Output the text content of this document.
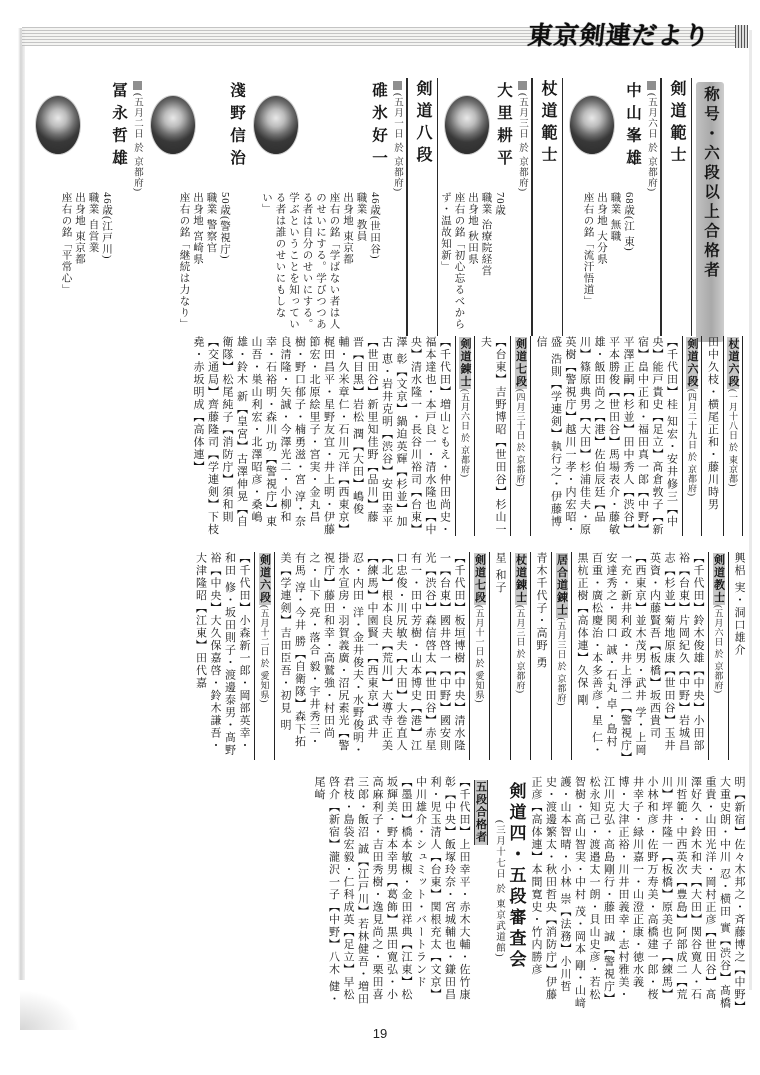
東京剣連だより
称号・六段以上合格者
剣道範士
(五月六日 於 京都府)
中山峯雄
68歳(江 東)
職業 無職
出身地 大分県
座右の銘「流汗悟道」
杖道範士
(五月三日 於 京都府)
大里耕平
70歳
職業 治療院経営
出身地 秋田県
座右の銘「初心忘るべからず・温故知新」
剣道八段
(五月一日 於 京都府)
碓氷好一
46歳(世田谷)
職業 教員
出身地 東京都
座右の銘「学ばない者は人のせいにする。学びつつある者は自分のせいにする。学ぶということを知っている者は誰のせいにもしない」
淺野信治
50歳(警視庁)
職業 警察官
出身地 宮崎県
座右の銘「継続は力なり」
(五月二日 於 京都府)
冨永哲雄
46歳(江戸川)
職業 自営業
出身地 東京都
座右の銘「平常心」
杖道六段(一月十八日 於 東京都)
田中久枝・横尾正和・藤川時男
剣道六段(四月二十九日 於 京都府)
【千代田】桂 知宏・安井修三【中央】能戸貴史【足立】髙倉敦子【新宿】畠中正和・福田真一郎【中野】平澤正嗣【杉並】田中秀人【渋谷】平本勝俊【世田谷】馬場表介・藤敏雄・飯田尚之【港】佐伯辰廷【品川】篠原典男【大田】杉浦佳夫・原英樹【警視庁】越川一孝・内宏昭・盛 浩則【学連剣】執行之・伊藤博信
剣道七段(四月三十日 於 京都府)
【台東】吉野博昭【世田谷】杉山一夫
剣道錬士(五月六日 於 京都府)
【千代田】増山ともえ・仲田尚史・福本達也・本戸良一・清水隆也【中央】清水隆一・長谷川裕司【台東】澤 彰【文京】鍋迫英輝【杉並】加古 恵・岩井克明【渋谷】安田幸平【世田谷】新里知佳野【品川】藤 晋【目黒】岩松 潤【大田】嶋俊輔・久米章仁・石川元洋【西東京】梶田昌平・星野友宜・井上明・伊藤節宏・北原絵里子・宮実・金丸昌樹・野口郁子・楠勇滋・宮 淳・奈良清隆・矢誠・今澤光二・小柳和幸・石裕明・森川 功【警視庁】東山吾・巣山利宏・北澤昭彦・桑嶋雄・鈴木 新【皇宮】古澤伸晃【自衛隊】松尾純子【消防庁】須和則【交通局】齊藤隆司【学連剣】下枝 堯・赤坂明成【高体連】
興梠 実・洞口雄介
剣道教士(五月六日 於 京都府)
【千代田】鈴木俊雄【中央】小田部裕【台東】片岡紀久【中野】岩城昌志【杉並】菊地原康【世田谷】玉井英資・内藤賢吾【板橋】坂西貴司【西東京】並木茂男・武井 学・上岡一充・新井利政・井上淨二【警視庁】安達秀之・関口 誠・石丸 卓・島村百重・廣松慶治・本多善彦・星 仁・黒杭正樹【高体連】久保 剛
居合道錬士(五月三日 於 京都府)
青木千代子・高野 勇
杖道錬士(五月三日 於 京都府)
星 和子
剣道七段(五月十一日 於 愛知県)
【千代田】板垣博樹【中央】清水隆一【台東】國井啓一【中野】國安則光【渋谷】森信啓太【世田谷】赤星有一・田中芳樹・山本博史【港】江口忠俊・川尻敏夫【大田】大巻直人【北】根本良夫【荒川】大導寺正美【練馬】中園賢一【西東京】武井 忍・内田 洋・金井俊夫・水野俊明・掛水宣房・羽賀義廣・沼尻素光【警視庁】藤田和幸・高鷲強・村田尚之・山下 亮・落合 毅・宇井秀三・有馬 淳・今井 勝【自衛隊】森下拓美【学連剣】吉田臣吾・初見 明
剣道六段(五月十二日 於 愛知県)
【千代田】小森新一郎・岡部英幸・和田 修・坂田則子・渡邊泰男・髙野 裕【中央】大久保嘉啓・鈴木謙吾・大津隆昭【江東】田代嘉
明【新宿】佐々木邦之・斉藤博之【中野】大重史朗・中川 忍・横田 實【渋谷】髙橋重貴・山田光洋・岡村正彦【世田谷】髙澤好久・鈴木和夫【大田】関谷寛人・石川哲範・中西英次【豊島】阿部成二【荒川】坪井隆一【板橋】原美也子【練馬】小林和彦・佐野万寿美・高橋建一郎・桜井幸子・緑川嘉一・山澄正康・徳水義博・大津正裕・川井田義幸・志村雅美・江川克弘・高島剛行・藤田 誠【警視庁】松永知己・渡邉太一朗・貝山史彦・若松智樹・高山智実・中村 茂・岡本 剛・山﨑 護・山本智晴・小林 崇【法務】小川哲史・渡邊繁太・秋田哲央【消防庁】伊藤正彦【高体連】本間寛史・竹内勝彦
剣道四・五段審査会
(三月十七日 於 東京武道館)
五段合格者
【千代田】上田幸平・赤木大輔・佐竹康彰【中央】飯塚玲奈・宮城輔也・鎌田昌利・児玉清人【台東】関根充太【文京】中川雄介・シュミット・バートランド【墨田】橋本敏槻・金田祥典【江東】松坂輝美・野本幸男【葛飾】黒田寛弘・小高麻利子・吉田秀樹・逸見尚之・栗田喜三郎・飯沼 誠【江戸川】若林健吾・増田君枝・島袋宏毅・仁科成英【足立】早松啓介【新宿】瀧沢一子【中野】八木 健・尾崎
19
